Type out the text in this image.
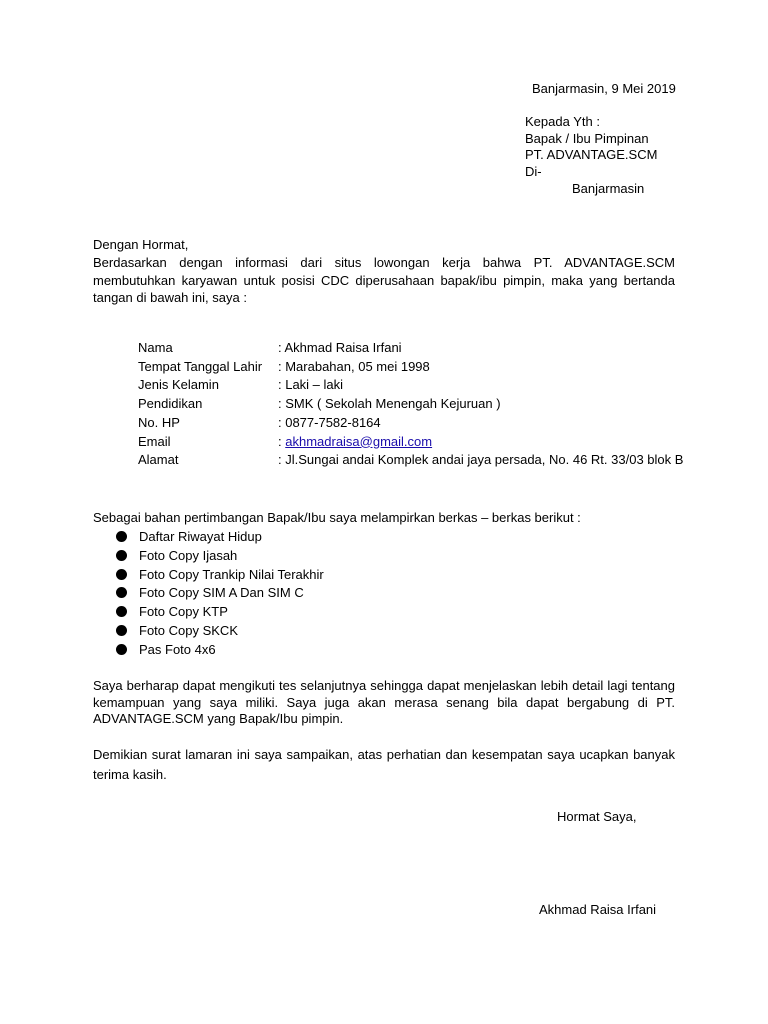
Banjarmasin, 9 Mei 2019
Kepada Yth :
Bapak / Ibu Pimpinan
PT. ADVANTAGE.SCM
Di-
Banjarmasin
Dengan Hormat,
Berdasarkan dengan informasi dari situs lowongan kerja bahwa PT. ADVANTAGE.SCM membutuhkan karyawan untuk posisi CDC diperusahaan bapak/ibu pimpin, maka yang bertanda tangan di bawah ini, saya :
Nama	: Akhmad Raisa Irfani
Tempat Tanggal Lahir	: Marabahan, 05 mei 1998
Jenis Kelamin	: Laki – laki
Pendidikan	: SMK ( Sekolah Menengah Kejuruan )
No. HP	: 0877-7582-8164
Email	: akhmadraisa@gmail.com
Alamat	: Jl.Sungai andai Komplek andai jaya persada, No. 46 Rt. 33/03 blok B
Sebagai bahan pertimbangan Bapak/Ibu saya melampirkan berkas – berkas berikut :
Daftar Riwayat Hidup
Foto Copy Ijasah
Foto Copy Trankip Nilai Terakhir
Foto Copy SIM A Dan SIM C
Foto Copy KTP
Foto Copy SKCK
Pas Foto 4x6
Saya berharap dapat mengikuti tes selanjutnya sehingga dapat menjelaskan lebih detail lagi tentang kemampuan yang saya miliki. Saya juga akan merasa senang bila dapat bergabung di PT. ADVANTAGE.SCM yang Bapak/Ibu pimpin.
Demikian surat lamaran ini saya sampaikan, atas perhatian dan kesempatan saya ucapkan banyak terima kasih.
Hormat Saya,
Akhmad Raisa Irfani
